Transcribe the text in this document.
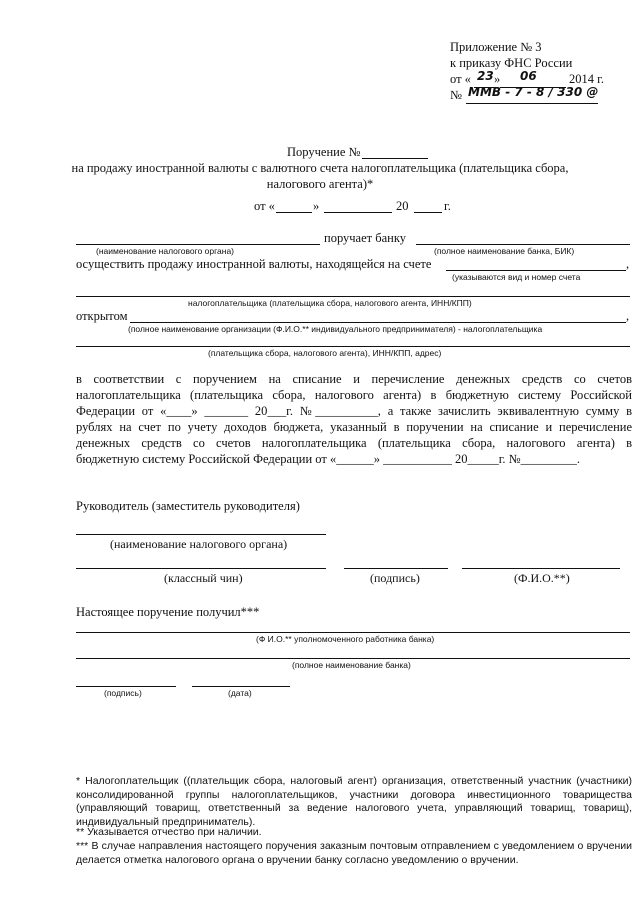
Приложение № 3
к приказу ФНС России
от « 23 » 06	2014 г.
№ ММВ - 7 - 8 / 330 @
Поручение №
на продажу иностранной валюты с валютного счета налогоплательщика (плательщика сбора,
налогового агента)*
от «	»	20	г.
поручает банку
(наименование налогового органа)	(полное наименование банка, БИК)
осуществить продажу иностранной валюты, находящейся на счете	,
(указываются вид и номер счета
налогоплательщика (плательщика сбора, налогового агента, ИНН/КПП)
открытом	,
(полное наименование организации (Ф.И.О.** индивидуального предпринимателя) - налогоплательщика
(плательщика сбора, налогового агента), ИНН/КПП, адрес)
в соответствии с поручением на списание и перечисление денежных средств со счетов
налогоплательщика (плательщика сбора, налогового агента) в бюджетную систему Российской
Федерации от «____» _______ 20___г. №__________, а также зачислить эквивалентную сумму в
рублях на счет по учету доходов бюджета, указанный в поручении на списание и перечисление
денежных средств со счетов налогоплательщика (плательщика сбора, налогового агента) в
бюджетную систему Российской Федерации от «______» ___________ 20_____г. №_________.
Руководитель (заместитель руководителя)
(наименование налогового органа)
(классный чин)	(подпись)	(Ф.И.О.**)
Настоящее поручение получил***
(Ф И.О.** уполномоченного работника банка)
(полное наименование банка)
(подпись)	(дата)
* Налогоплательщик ((плательщик сбора, налоговый агент) организация, ответственный участник (участники) консолидированной группы налогоплательщиков, участники договора инвестиционного товарищества (управляющий товарищ, ответственный за ведение налогового учета, управляющий товарищ, товарищ), индивидуальный предприниматель).
** Указывается отчество при наличии.
*** В случае направления настоящего поручения заказным почтовым отправлением с уведомлением о вручении делается отметка налогового органа о вручении банку согласно уведомлению о вручении.
